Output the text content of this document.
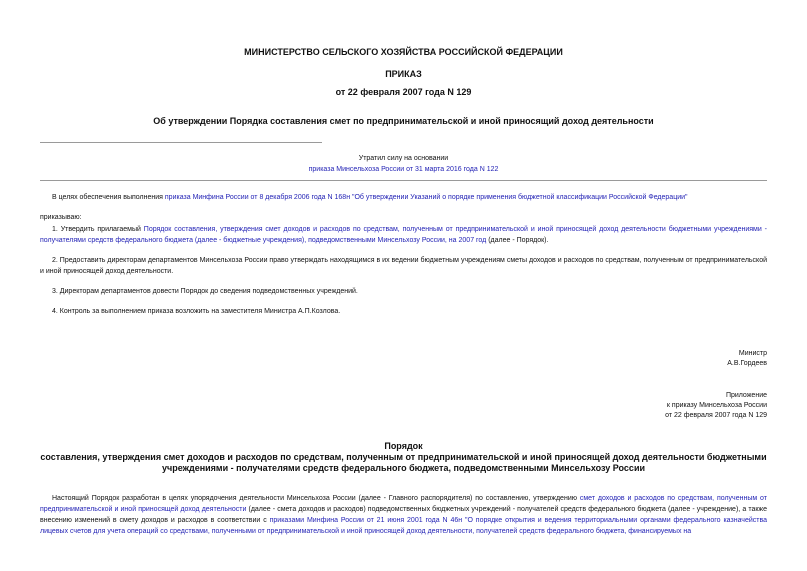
МИНИСТЕРСТВО СЕЛЬСКОГО ХОЗЯЙСТВА РОССИЙСКОЙ ФЕДЕРАЦИИ
ПРИКАЗ
от 22 февраля 2007 года N 129
Об утверждении Порядка составления смет по предпринимательской и иной приносящий доход деятельности
Утратил силу на основании
приказа Минсельхоза России от 31 марта 2016 года N 122
В целях обеспечения выполнения приказа Минфина России от 8 декабря 2006 года N 168н "Об утверждении Указаний о порядке применения бюджетной классификации Российской Федерации"
приказываю:
1. Утвердить прилагаемый Порядок составления, утверждения смет доходов и расходов по средствам, полученным от предпринимательской и иной приносящей доход деятельности бюджетными учреждениями - получателями средств федерального бюджета (далее - бюджетные учреждения), подведомственными Минсельхозу России, на 2007 год (далее - Порядок).
2. Предоставить директорам департаментов Минсельхоза России право утверждать находящимся в их ведении бюджетным учреждениям сметы доходов и расходов по средствам, полученным от предпринимательской и иной приносящей доход деятельности.
3. Директорам департаментов довести Порядок до сведения подведомственных учреждений.
4. Контроль за выполнением приказа возложить на заместителя Министра А.П.Козлова.
Министр
А.В.Гордеев
Приложение
к приказу Минсельхоза России
от 22 февраля 2007 года N 129
Порядок
составления, утверждения смет доходов и расходов по средствам, полученным от предпринимательской и иной приносящей доход деятельности бюджетными учреждениями - получателями средств федерального бюджета, подведомственными Минсельхозу России
Настоящий Порядок разработан в целях упорядочения деятельности Минсельхоза России (далее - Главного распорядителя) по составлению, утверждению смет доходов и расходов по средствам, полученным от предпринимательской и иной приносящей доход деятельности (далее - смета доходов и расходов) подведомственных бюджетных учреждений - получателей средств федерального бюджета (далее - учреждение), а также внесению изменений в смету доходов и расходов в соответствии с приказами Минфина России от 21 июня 2001 года N 46н "О порядке открытия и ведения территориальными органами федерального казначейства лицевых счетов для учета операций со средствами, полученными от предпринимательской и иной приносящей доход деятельности, получателей средств федерального бюджета, финансируемых на
